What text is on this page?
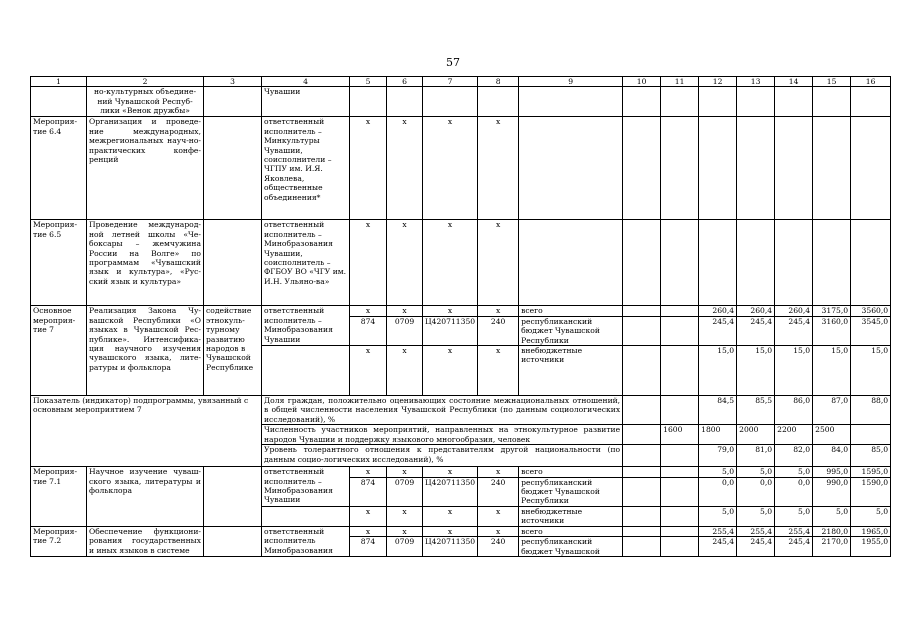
57
1	2	3	4	5	6	7	8	9	10	11	12	13	14	15	16
	но-культурных объедине-ний Чувашской Респуб-лики «Венок дружбы»		Чувашии												
Мероприя-тие 6.4	Организация и проведе-ние международных, межрегиональных науч-но-практических конфе-ренций		ответственный исполнитель – Минкультуры Чувашии, соисполнители – ЧГПУ им. И.Я. Яковлева, общественные объединения*	x	x	x	x								
Мероприя-тие 6.5	Проведение международ-ной летней школы «Че-боксары – жемчужина России на Волге» по программам «Чувашский язык и культура», «Рус-ский язык и культура»		ответственный исполнитель – Минобразования Чувашии, соисполнитель – ФГБОУ ВО «ЧГУ им. И.Н. Ульяно-ва»	x	x	x	x								
Основное мероприя-тие 7	Реализация Закона Чу-вашской Республики «О языках в Чувашской Рес-публике». Интенсифика-ция научного изучения чувашского языка, лите-ратуры и фольклора	содействие этнокуль-турному развитию народов в Чувашской Республике	ответственный исполнитель – Минобразования Чувашии	x	x	x	x	всего			260,4	260,4	260,4	3175,0	3560,0
				874	0709	Ц420711350	240	республиканский бюджет Чувашской Республики			245,4	245,4	245,4	3160,0	3545,0
				x	x	x	x	внебюджетные источники			15,0	15,0	15,0	15,0	15,0
Показатель (индикатор) подпрограммы, увязанный с основным мероприятием 7			Доля граждан, положительно оценивающих состояние межнациональных отношений, в общей численности населения Чувашской Республики (по данным социологических исследований), %								84,5	85,5	86,0	87,0	88,0
			Численность участников мероприятий, направленных на этнокультурное развитие народов Чувашии и поддержку языкового многообразия, человек							1600	1800	2000	2200	2500	
			Уровень толерантного отношения к представителям другой национальности (по данным социо-логических исследований), %								79,0	81,0	82,0	84,0	85,0
Мероприя-тие 7.1	Научное изучение чуваш-ского языка, литературы и фольклора		ответственный исполнитель – Минобразования Чувашии	x	x	x	x	всего			5,0	5,0	5,0	995,0	1595,0
				874	0709	Ц420711350	240	республиканский бюджет Чувашской Республики			0,0	0,0	0,0	990,0	1590,0
				x	x	x	x	внебюджетные источники			5,0	5,0	5,0	5,0	5,0
Мероприя-тие 7.2	Обеспечение функциони-рования государственных и иных языков в системе		ответственный исполнитель Минобразования	x	x	x	x	всего			255,4	255,4	255,4	2180,0	1965,0
				874	0709	Ц420711350	240	республиканский бюджет Чувашской			245,4	245,4	245,4	2170,0	1955,0
